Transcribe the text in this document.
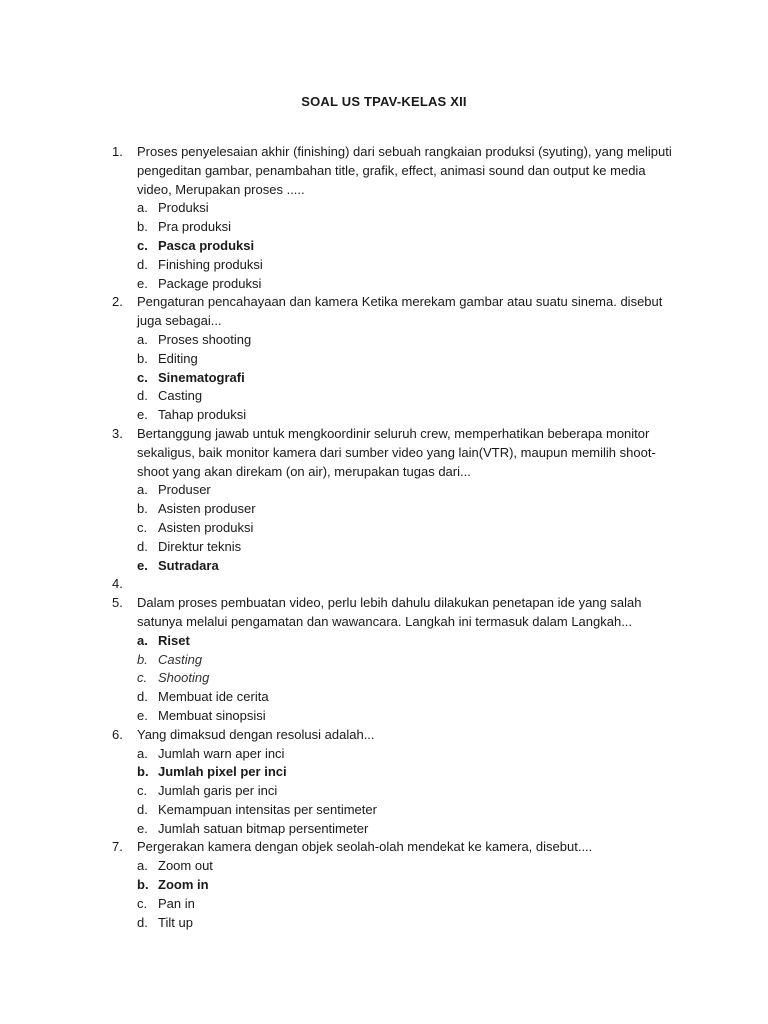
SOAL US TPAV-KELAS XII
1. Proses penyelesaian akhir (finishing) dari sebuah rangkaian produksi (syuting), yang meliputi pengeditan gambar, penambahan title, grafik, effect, animasi sound dan output ke media video, Merupakan proses .....
a. Produksi
b. Pra produksi
c. Pasca produksi
d. Finishing produksi
e. Package produksi
2. Pengaturan pencahayaan dan kamera Ketika merekam gambar atau suatu sinema. disebut juga sebagai...
a. Proses shooting
b. Editing
c. Sinematografi
d. Casting
e. Tahap produksi
3. Bertanggung jawab untuk mengkoordinir seluruh crew, memperhatikan beberapa monitor sekaligus, baik monitor kamera dari sumber video yang lain(VTR), maupun memilih shoot-shoot yang akan direkam (on air), merupakan tugas dari...
a. Produser
b. Asisten produser
c. Asisten produksi
d. Direktur teknis
e. Sutradara
4.
5. Dalam proses pembuatan video, perlu lebih dahulu dilakukan penetapan ide yang salah satunya melalui pengamatan dan wawancara. Langkah ini termasuk dalam Langkah...
a. Riset
b. Casting
c. Shooting
d. Membuat ide cerita
e. Membuat sinopsisi
6. Yang dimaksud dengan resolusi adalah...
a. Jumlah warn aper inci
b. Jumlah pixel per inci
c. Jumlah garis per inci
d. Kemampuan intensitas per sentimeter
e. Jumlah satuan bitmap persentimeter
7. Pergerakan kamera dengan objek seolah-olah mendekat ke kamera, disebut....
a. Zoom out
b. Zoom in
c. Pan in
d. Tilt up
